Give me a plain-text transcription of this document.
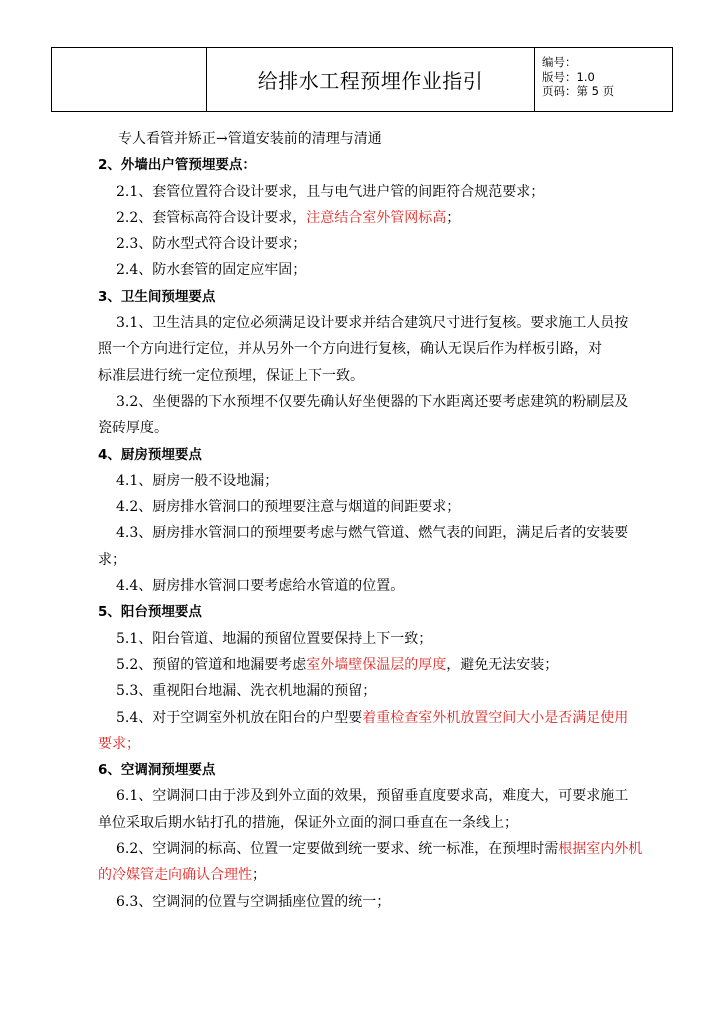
给排水工程预埋作业指引
编号：
版号：1.0
页码：第 5 页

专人看管并矫正→管道安装前的清理与清通

2、外墙出户管预埋要点：

2.1、套管位置符合设计要求，且与电气进户管的间距符合规范要求；

2.2、套管标高符合设计要求，注意结合室外管网标高；

2.3、防水型式符合设计要求；

2.4、防水套管的固定应牢固；

3、卫生间预埋要点

3.1、卫生洁具的定位必须满足设计要求并结合建筑尺寸进行复核。要求施工人员按

照一个方向进行定位，并从另外一个方向进行复核，确认无误后作为样板引路，对

标准层进行统一定位预埋，保证上下一致。

3.2、坐便器的下水预埋不仅要先确认好坐便器的下水距离还要考虑建筑的粉刷层及

瓷砖厚度。

4、厨房预埋要点

4.1、厨房一般不设地漏；

4.2、厨房排水管洞口的预埋要注意与烟道的间距要求；

4.3、厨房排水管洞口的预埋要考虑与燃气管道、燃气表的间距，满足后者的安装要

求；

4.4、厨房排水管洞口要考虑给水管道的位置。

5、阳台预埋要点

5.1、阳台管道、地漏的预留位置要保持上下一致；

5.2、预留的管道和地漏要考虑室外墙壁保温层的厚度，避免无法安装；

5.3、重视阳台地漏、洗衣机地漏的预留；

5.4、对于空调室外机放在阳台的户型要着重检查室外机放置空间大小是否满足使用

要求；

6、空调洞预埋要点

6.1、空调洞口由于涉及到外立面的效果，预留垂直度要求高，难度大，可要求施工

单位采取后期水钻打孔的措施，保证外立面的洞口垂直在一条线上；

6.2、空调洞的标高、位置一定要做到统一要求、统一标准，在预埋时需根据室内外机

的冷媒管走向确认合理性；

6.3、空调洞的位置与空调插座位置的统一；
